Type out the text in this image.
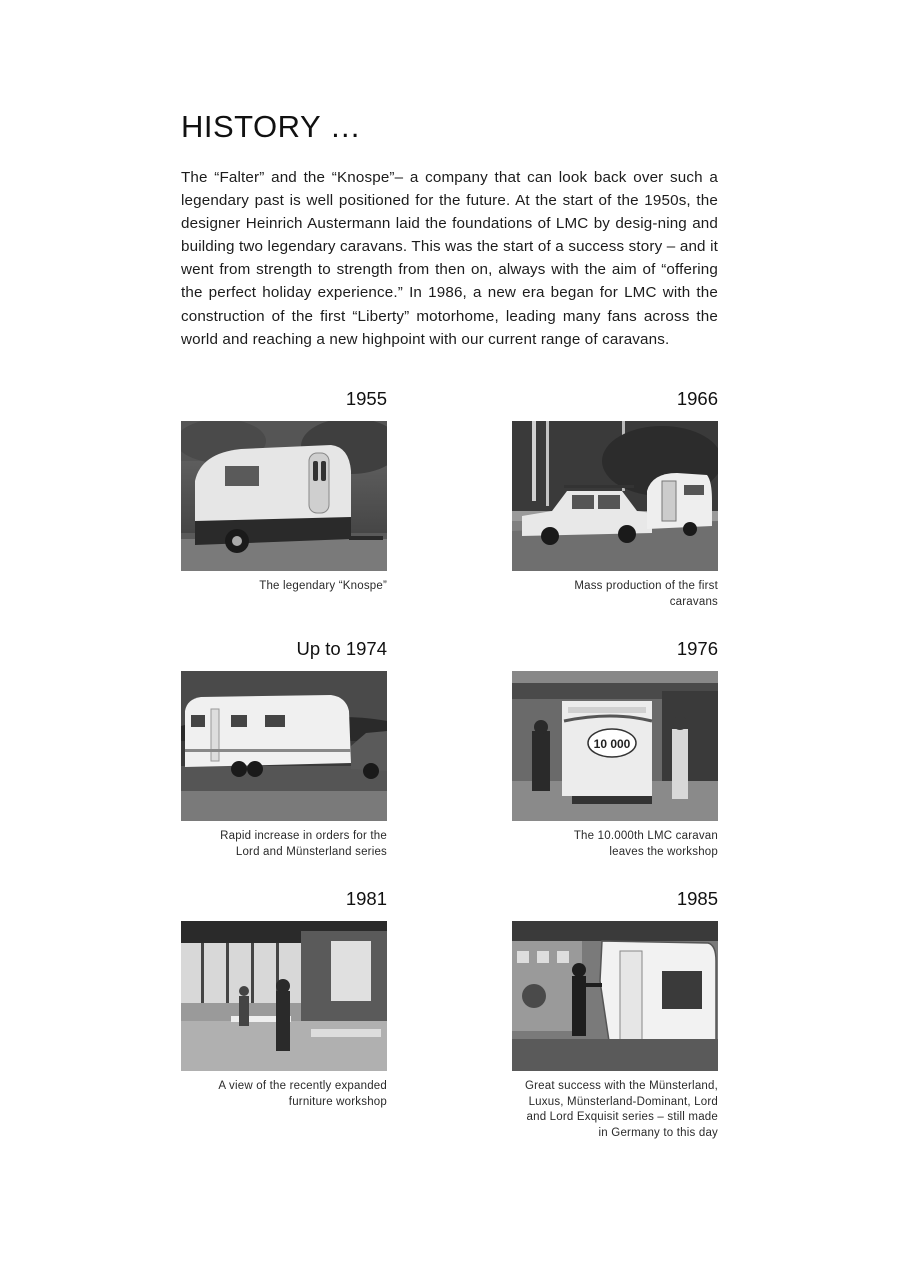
HISTORY …

The “Falter” and the “Knospe”– a company that can look back over such a legendary past is well positioned for the future. At the start of the 1950s, the designer Heinrich Austermann laid the foundations of LMC by desig-ning and building two legendary caravans. This was the start of a success story – and it went from strength to strength from then on, always with the aim of “offering the perfect holiday experience.” In 1986, a new era began for LMC with the construction of the first “Liberty” motorhome, leading many fans across the world and reaching a new highpoint with our current range of caravans.

1955
The legendary “Knospe”
1966
Mass production of the first
caravans
Up to 1974
Rapid increase in orders for the
Lord and Münsterland series
1976
10 000
The 10.000th LMC caravan
leaves the workshop
1981
A view of the recently expanded
furniture workshop
1985
Great success with the Münsterland,
Luxus, Münsterland-Dominant, Lord
and Lord Exquisit series – still made
in Germany to this day
